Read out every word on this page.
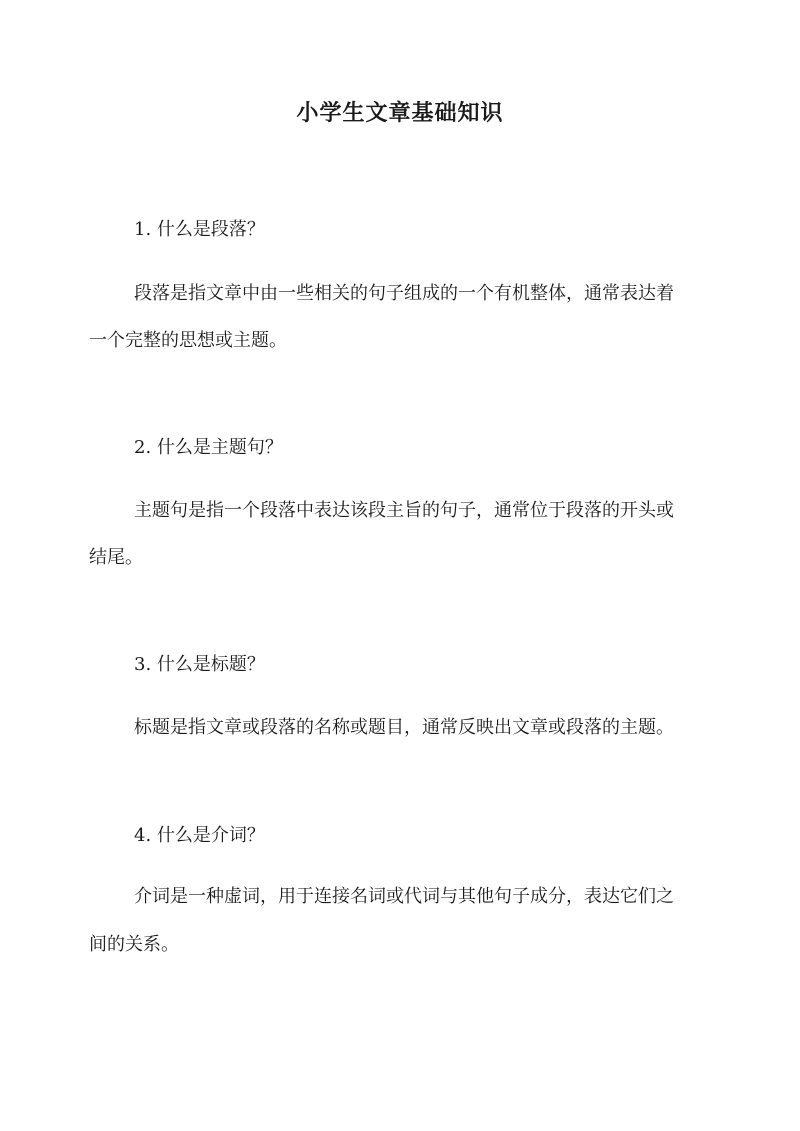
小学生文章基础知识

1. 什么是段落？

段落是指文章中由一些相关的句子组成的一个有机整体，通常表达着

一个完整的思想或主题。

2. 什么是主题句？

主题句是指一个段落中表达该段主旨的句子，通常位于段落的开头或

结尾。

3. 什么是标题？

标题是指文章或段落的名称或题目，通常反映出文章或段落的主题。

4. 什么是介词？

介词是一种虚词，用于连接名词或代词与其他句子成分，表达它们之

间的关系。
